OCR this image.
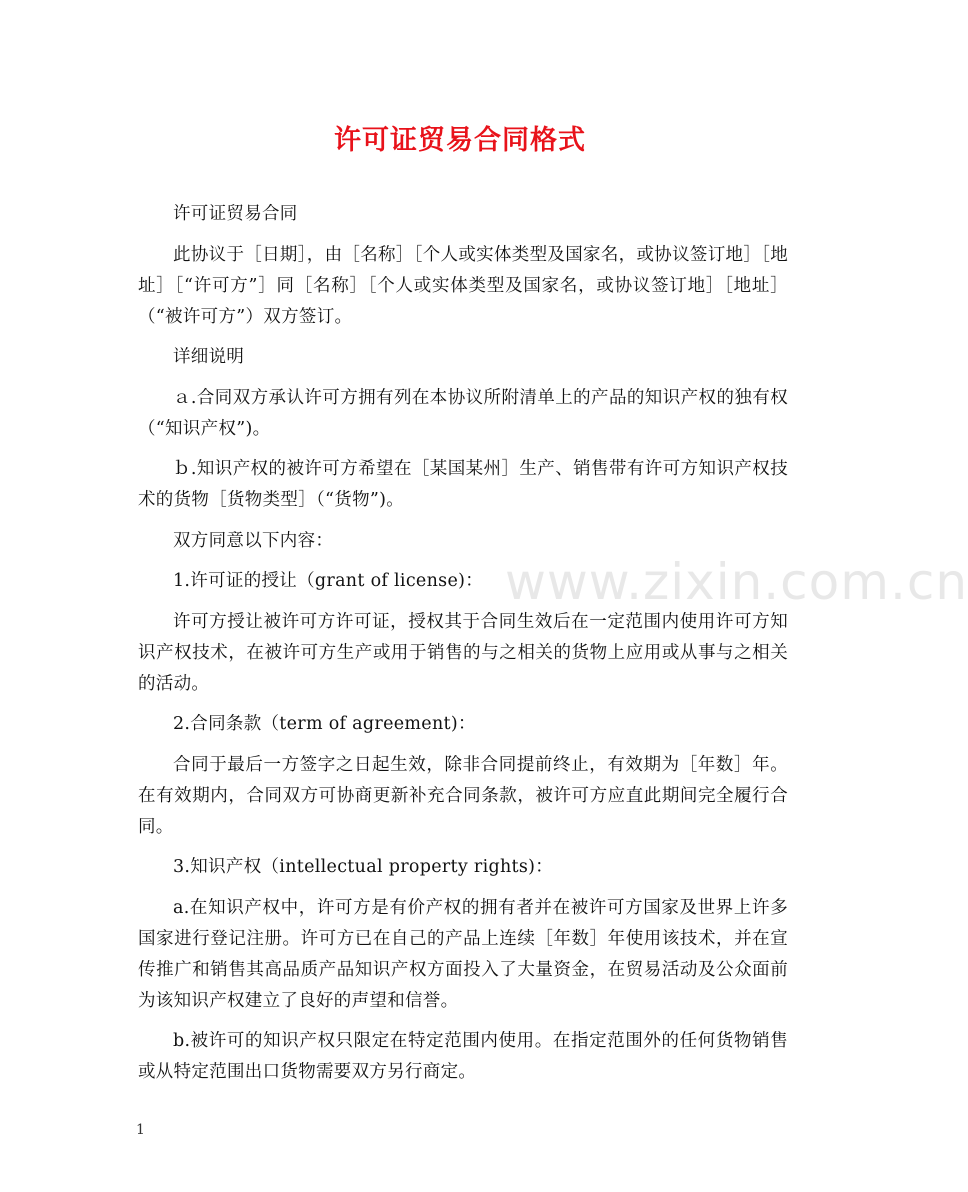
许可证贸易合同格式
www.zixin.com.cn

许可证贸易合同

此协议于［日期］，由［名称］［个人或实体类型及国家名，或协议签订地］［地址］［“许可方”］同［名称］［个人或实体类型及国家名，或协议签订地］［地址］（“被许可方”）双方签订。

详细说明

ａ.合同双方承认许可方拥有列在本协议所附清单上的产品的知识产权的独有权（“知识产权”)。

ｂ.知识产权的被许可方希望在［某国某州］生产、销售带有许可方知识产权技术的货物［货物类型］（“货物”)。

双方同意以下内容：

1.许可证的授让（grant of license)：

许可方授让被许可方许可证，授权其于合同生效后在一定范围内使用许可方知识产权技术，在被许可方生产或用于销售的与之相关的货物上应用或从事与之相关的活动。

2.合同条款（term of agreement)：

合同于最后一方签字之日起生效，除非合同提前终止，有效期为［年数］年。在有效期内，合同双方可协商更新补充合同条款，被许可方应直此期间完全履行合同。

3.知识产权（intellectual property rights)：

a.在知识产权中，许可方是有价产权的拥有者并在被许可方国家及世界上许多国家进行登记注册。许可方已在自己的产品上连续［年数］年使用该技术，并在宣传推广和销售其高品质产品知识产权方面投入了大量资金，在贸易活动及公众面前为该知识产权建立了良好的声望和信誉。

b.被许可的知识产权只限定在特定范围内使用。在指定范围外的任何货物销售或从特定范围出口货物需要双方另行商定。

1
